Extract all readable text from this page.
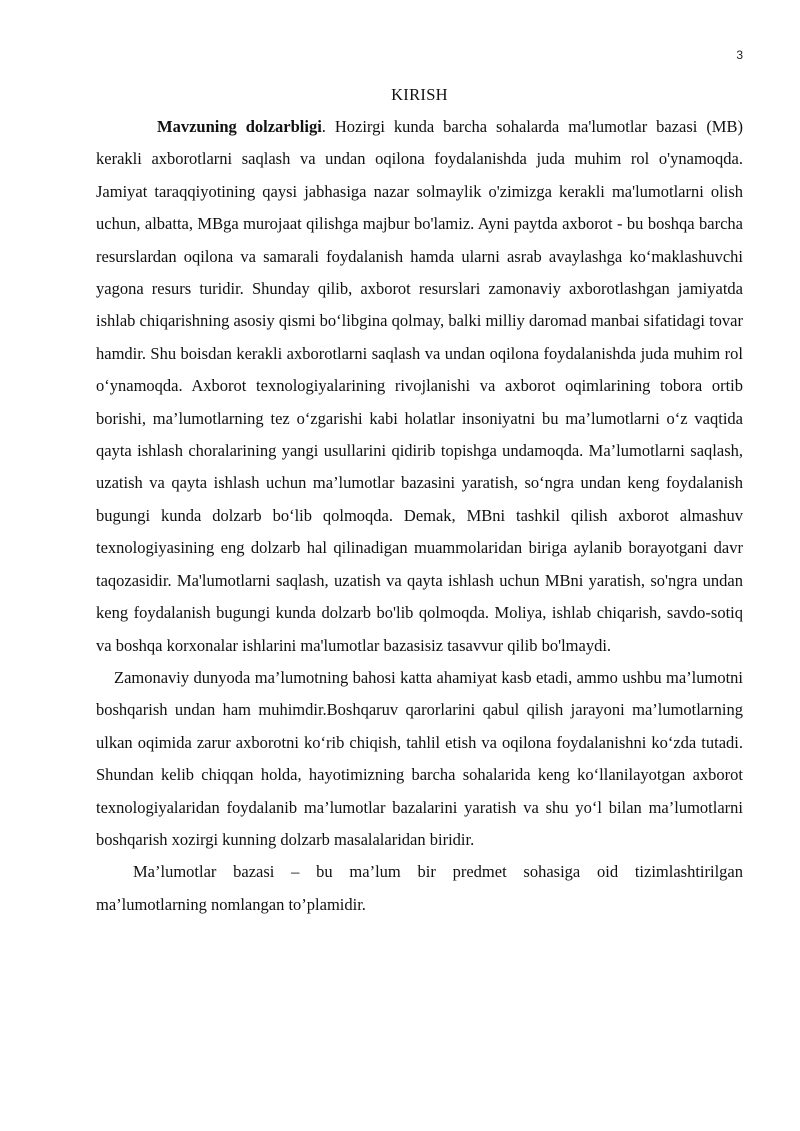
3
KIRISH

Mavzuning dolzarbligi. Hozirgi kunda barcha sohalarda ma'lumotlar bazasi (MB) kerakli axborotlarni saqlash va undan oqilona foydalanishda juda muhim rol o'ynamoqda. Jamiyat taraqqiyotining qaysi jabhasiga nazar solmaylik o'zimizga kerakli ma'lumotlarni olish uchun, albatta, MBga murojaat qilishga majbur bo'lamiz. Ayni paytda axborot - bu boshqa barcha resurslardan oqilona va samarali foydalanish hamda ularni asrab avaylashga ko‘maklashuvchi yagona resurs turidir. Shunday qilib, axborot resurslari zamonaviy axborotlashgan jamiyatda ishlab chiqarishning asosiy qismi bo‘libgina qolmay, balki milliy daromad manbai sifatidagi tovar hamdir. Shu boisdan kerakli axborotlarni saqlash va undan oqilona foydalanishda juda muhim rol o‘ynamoqda. Axborot texnologiyalarining rivojlanishi va axborot oqimlarining tobora ortib borishi, ma’lumotlarning tez o‘zgarishi kabi holatlar insoniyatni bu ma’lumotlarni o‘z vaqtida qayta ishlash choralarining yangi usullarini qidirib topishga undamoqda. Ma’lumotlarni saqlash, uzatish va qayta ishlash uchun ma’lumotlar bazasini yaratish, so‘ngra undan keng foydalanish bugungi kunda dolzarb bo‘lib qolmoqda. Demak, MBni tashkil qilish axborot almashuv texnologiyasining eng dolzarb hal qilinadigan muammolaridan biriga aylanib borayotgani davr taqozasidir. Ma'lumotlarni saqlash, uzatish va qayta ishlash uchun MBni yaratish, so'ngra undan keng foydalanish bugungi kunda dolzarb bo'lib qolmoqda. Moliya, ishlab chiqarish, savdo-sotiq va boshqa korxonalar ishlarini ma'lumotlar bazasisiz tasavvur qilib bo'lmaydi.

Zamonaviy dunyoda ma’lumotning bahosi katta ahamiyat kasb etadi, ammo ushbu ma’lumotni boshqarish undan ham muhimdir.Boshqaruv qarorlarini qabul qilish jarayoni ma’lumotlarning ulkan oqimida zarur axborotni ko‘rib chiqish, tahlil etish va oqilona foydalanishni ko‘zda tutadi. Shundan kelib chiqqan holda, hayotimizning barcha sohalarida keng ko‘llanilayotgan axborot texnologiyalaridan foydalanib ma’lumotlar bazalarini yaratish va shu yo‘l bilan ma’lumotlarni boshqarish xozirgi kunning dolzarb masalalaridan biridir.

Ma’lumotlar bazasi – bu ma’lum bir predmet sohasiga oid tizimlashtirilgan ma’lumotlarning nomlangan to’plamidir.
